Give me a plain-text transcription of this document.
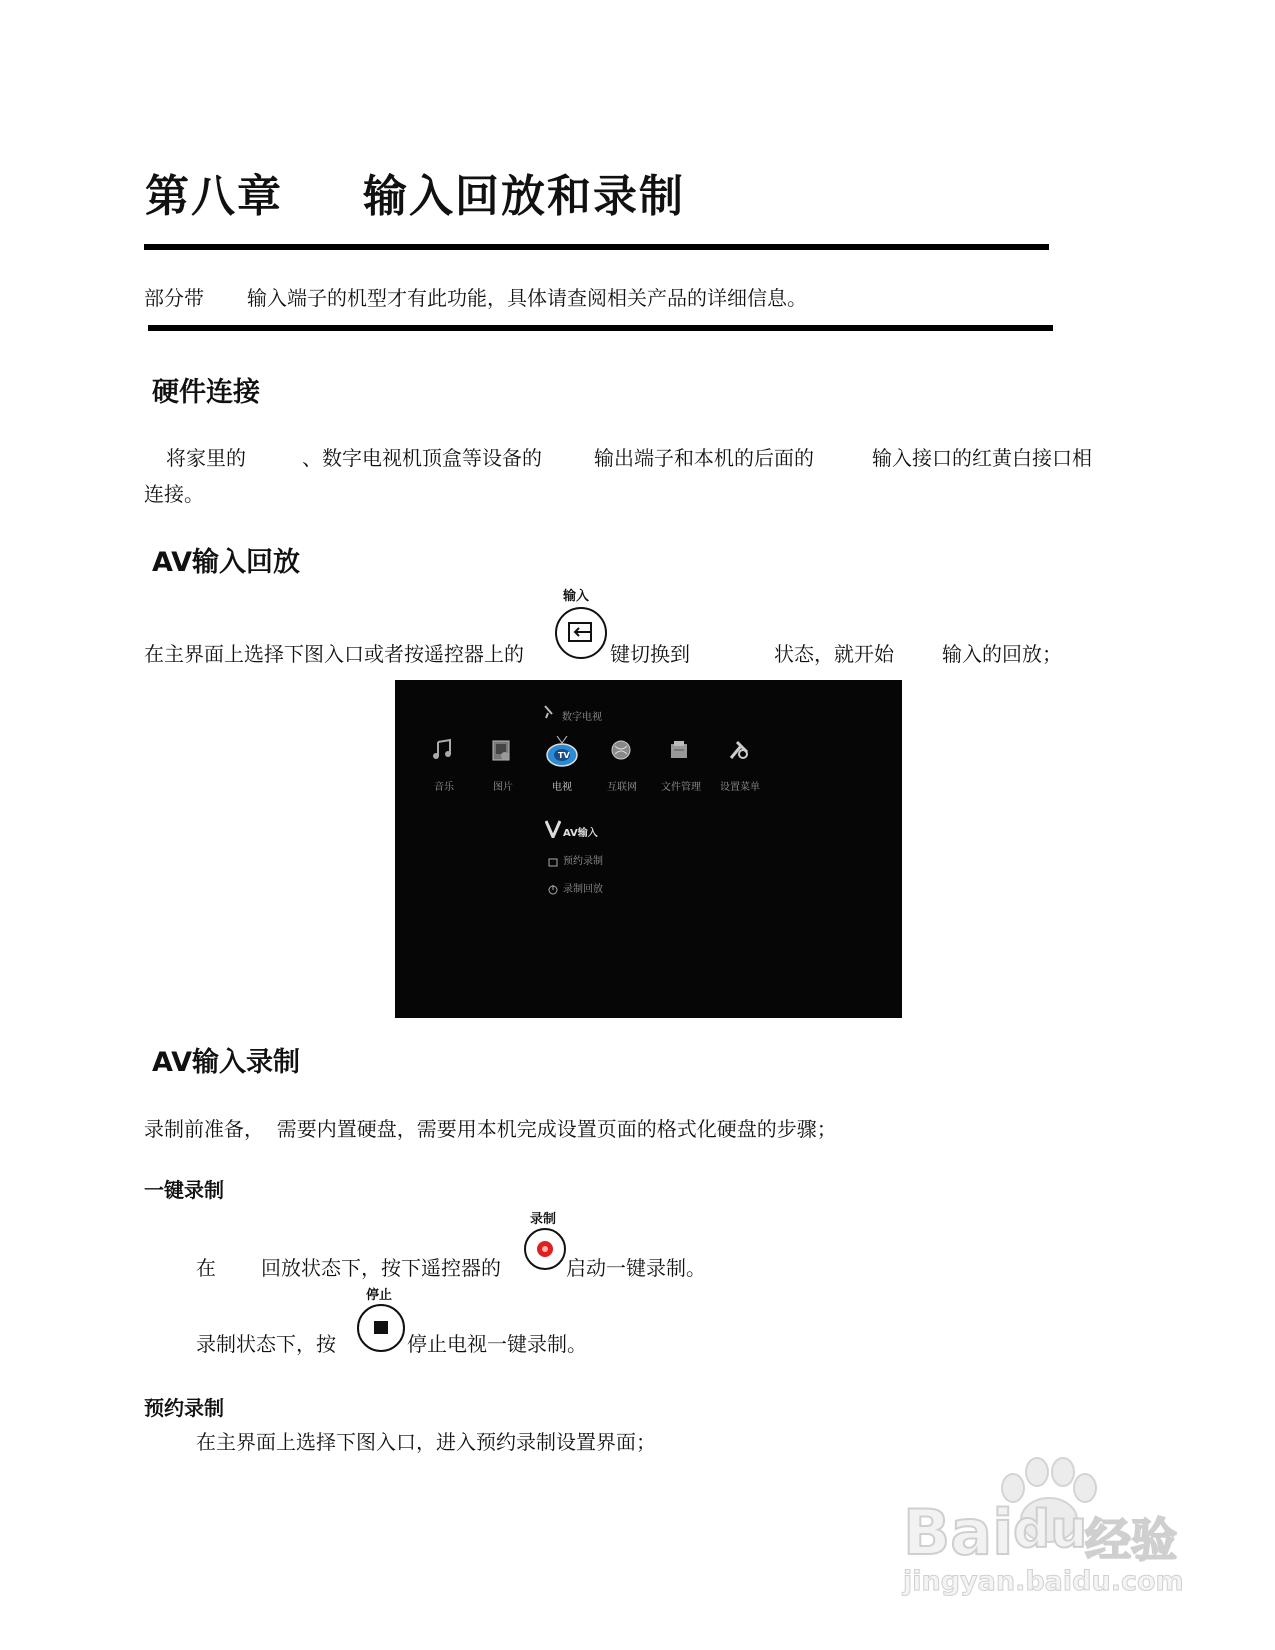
第八章 输入回放和录制
部分带 输入端子的机型才有此功能，具体请查阅相关产品的详细信息。
硬件连接
将家里的	、数字电视机顶盒等设备的	输出端子和本机的后面的	输入接口的红黄白接口相
连接。
AV输入回放
输入
在主界面上选择下图入口或者按遥控器上的	键切换到	状态，就开始 输入的回放；
数字电视
TV
音乐	图片	电视	互联网 文件管理 设置菜单
AV输入
预约录制
录制回放
AV输入录制
录制前准备，  需要内置硬盘，需要用本机完成设置页面的格式化硬盘的步骤；
一键录制
录制
在 回放状态下，按下遥控器的	启动一键录制。
停止
录制状态下，按	停止电视一键录制。
预约录制
在主界面上选择下图入口，进入预约录制设置界面；
Bai du
经验
jingyan.baidu.com
